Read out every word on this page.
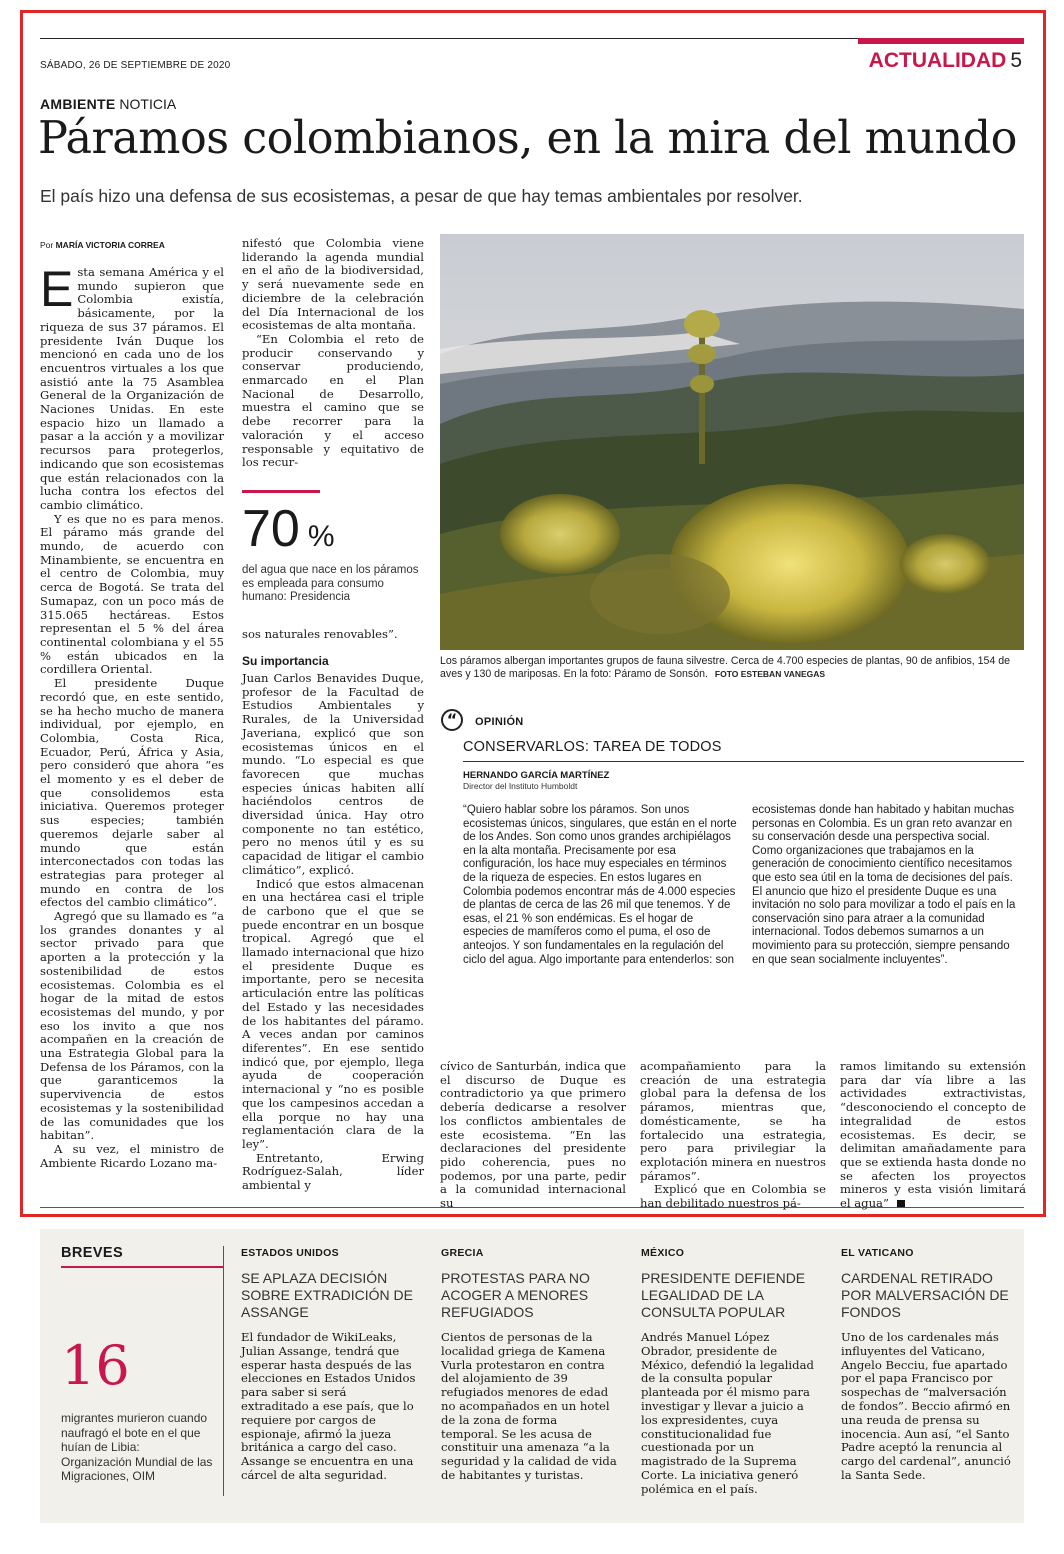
SÁBADO, 26 DE SEPTIEMBRE DE 2020	ACTUALIDAD 5
AMBIENTE NOTICIA
Páramos colombianos, en la mira del mundo
El país hizo una defensa de sus ecosistemas, a pesar de que hay temas ambientales por resolver.
Por MARÍA VICTORIA CORREA

Esta semana América y el mundo supieron que Colombia existía, básicamente, por la riqueza de sus 37 páramos. El presidente Iván Duque los mencionó en cada uno de los encuentros virtuales a los que asistió ante la 75 Asamblea General de la Organización de Naciones Unidas. En este espacio hizo un llamado a pasar a la acción y a movilizar recursos para protegerlos, indicando que son ecosistemas que están relacionados con la lucha contra los efectos del cambio climático.

Y es que no es para menos. El páramo más grande del mundo, de acuerdo con Minambiente, se encuentra en el centro de Colombia, muy cerca de Bogotá. Se trata del Sumapaz, con un poco más de 315.065 hectáreas. Estos representan el 5 % del área continental colombiana y el 55 % están ubicados en la cordillera Oriental.

El presidente Duque recordó que, en este sentido, se ha hecho mucho de manera individual, por ejemplo, en Colombia, Costa Rica, Ecuador, Perú, África y Asia, pero consideró que ahora “es el momento y es el deber de que consolidemos esta iniciativa. Queremos proteger sus especies; también queremos dejarle saber al mundo que están interconectados con todas las estrategias para proteger al mundo en contra de los efectos del cambio climático”.

Agregó que su llamado es “a los grandes donantes y al sector privado para que aporten a la protección y la sostenibilidad de estos ecosistemas. Colombia es el hogar de la mitad de estos ecosistemas del mundo, y por eso los invito a que nos acompañen en la creación de una Estrategia Global para la Defensa de los Páramos, con la que garanticemos la supervivencia de estos ecosistemas y la sostenibilidad de las comunidades que los habitan”.

A su vez, el ministro de Ambiente Ricardo Lozano ma-

nifestó que Colombia viene liderando la agenda mundial en el año de la biodiversidad, y será nuevamente sede en diciembre de la celebración del Día Internacional de los ecosistemas de alta montaña.

“En Colombia el reto de producir conservando y conservar produciendo, enmarcado en el Plan Nacional de Desarrollo, muestra el camino que se debe recorrer para la valoración y el acceso responsable y equitativo de los recur-

70 %
del agua que nace en los páramos es empleada para consumo humano: Presidencia

sos naturales renovables”.

Su importancia

Juan Carlos Benavides Duque, profesor de la Facultad de Estudios Ambientales y Rurales, de la Universidad Javeriana, explicó que son ecosistemas únicos en el mundo. “Lo especial es que favorecen que muchas especies únicas habiten allí haciéndolos centros de diversidad única. Hay otro componente no tan estético, pero no menos útil y es su capacidad de litigar el cambio climático”, explicó.

Indicó que estos almacenan en una hectárea casi el triple de carbono que el que se puede encontrar en un bosque tropical. Agregó que el llamado internacional que hizo el presidente Duque es importante, pero se necesita articulación entre las políticas del Estado y las necesidades de los habitantes del páramo. A veces andan por caminos diferentes”. En ese sentido indicó que, por ejemplo, llega ayuda de cooperación internacional y “no es posible que los campesinos accedan a ella porque no hay una reglamentación clara de la ley”.

Entretanto, Erwing Rodríguez-Salah, líder ambiental y

Los páramos albergan importantes grupos de fauna silvestre. Cerca de 4.700 especies de plantas, 90 de anfibios, 154 de aves y 130 de mariposas. En la foto: Páramo de Sonsón. FOTO ESTEBAN VANEGAS
“	OPINIÓN
CONSERVARLOS: TAREA DE TODOS
HERNANDO GARCÍA MARTÍNEZ
Director del Instituto Humboldt
“Quiero hablar sobre los páramos. Son unos ecosistemas únicos, singulares, que están en el norte de los Andes. Son como unos grandes archipiélagos en la alta montaña. Precisamente por esa configuración, los hace muy especiales en términos de la riqueza de especies. En estos lugares en Colombia podemos encontrar más de 4.000 especies de plantas de cerca de las 26 mil que tenemos. Y de esas, el 21 % son endémicas. Es el hogar de especies de mamíferos como el puma, el oso de anteojos. Y son fundamentales en la regulación del ciclo del agua. Algo importante para entenderlos: son
ecosistemas donde han habitado y habitan muchas personas en Colombia. Es un gran reto avanzar en su conservación desde una perspectiva social.
Como organizaciones que trabajamos en la generación de conocimiento científico necesitamos que esto sea útil en la toma de decisiones del país. El anuncio que hizo el presidente Duque es una invitación no solo para movilizar a todo el país en la conservación sino para atraer a la comunidad internacional. Todos debemos sumarnos a un movimiento para su protección, siempre pensando en que sean socialmente incluyentes”.

cívico de Santurbán, indica que el discurso de Duque es contradictorio ya que primero debería dedicarse a resolver los conflictos ambientales de este ecosistema. “En las declaraciones del presidente pido coherencia, pues no podemos, por una parte, pedir a la comunidad internacional su

acompañamiento para la creación de una estrategia global para la defensa de los páramos, mientras que, domésticamente, se ha fortalecido una estrategia, pero para privilegiar la explotación minera en nuestros páramos”.

Explicó que en Colombia se han debilitado nuestros pá-

ramos limitando su extensión para dar vía libre a las actividades extractivistas, “desconociendo el concepto de integralidad de estos ecosistemas. Es decir, se delimitan amañadamente para que se extienda hasta donde no se afecten los proyectos mineros y esta visión limitará el agua”

BREVES
16
migrantes murieron cuando naufragó el bote en el que huían de Libia: Organización Mundial de las Migraciones, OIM
ESTADOS UNIDOS
SE APLAZA DECISIÓN SOBRE EXTRADICIÓN DE ASSANGE
El fundador de WikiLeaks, Julian Assange, tendrá que esperar hasta después de las elecciones en Estados Unidos para saber si será extraditado a ese país, que lo requiere por cargos de espionaje, afirmó la jueza británica a cargo del caso. Assange se encuentra en una cárcel de alta seguridad.
GRECIA
PROTESTAS PARA NO ACOGER A MENORES REFUGIADOS
Cientos de personas de la localidad griega de Kamena Vurla protestaron en contra del alojamiento de 39 refugiados menores de edad no acompañados en un hotel de la zona de forma temporal. Se les acusa de constituir una amenaza “a la seguridad y la calidad de vida de habitantes y turistas.
MÉXICO
PRESIDENTE DEFIENDE LEGALIDAD DE LA CONSULTA POPULAR
Andrés Manuel López Obrador, presidente de México, defendió la legalidad de la consulta popular planteada por él mismo para investigar y llevar a juicio a los expresidentes, cuya constitucionalidad fue cuestionada por un magistrado de la Suprema Corte. La iniciativa generó polémica en el país.
EL VATICANO
CARDENAL RETIRADO POR MALVERSACIÓN DE FONDOS
Uno de los cardenales más influyentes del Vaticano, Angelo Becciu, fue apartado por el papa Francisco por sospechas de “malversación de fondos”. Beccio afirmó en una reuda de prensa su inocencia. Aun así, “el Santo Padre aceptó la renuncia al cargo del cardenal”, anunció la Santa Sede.
